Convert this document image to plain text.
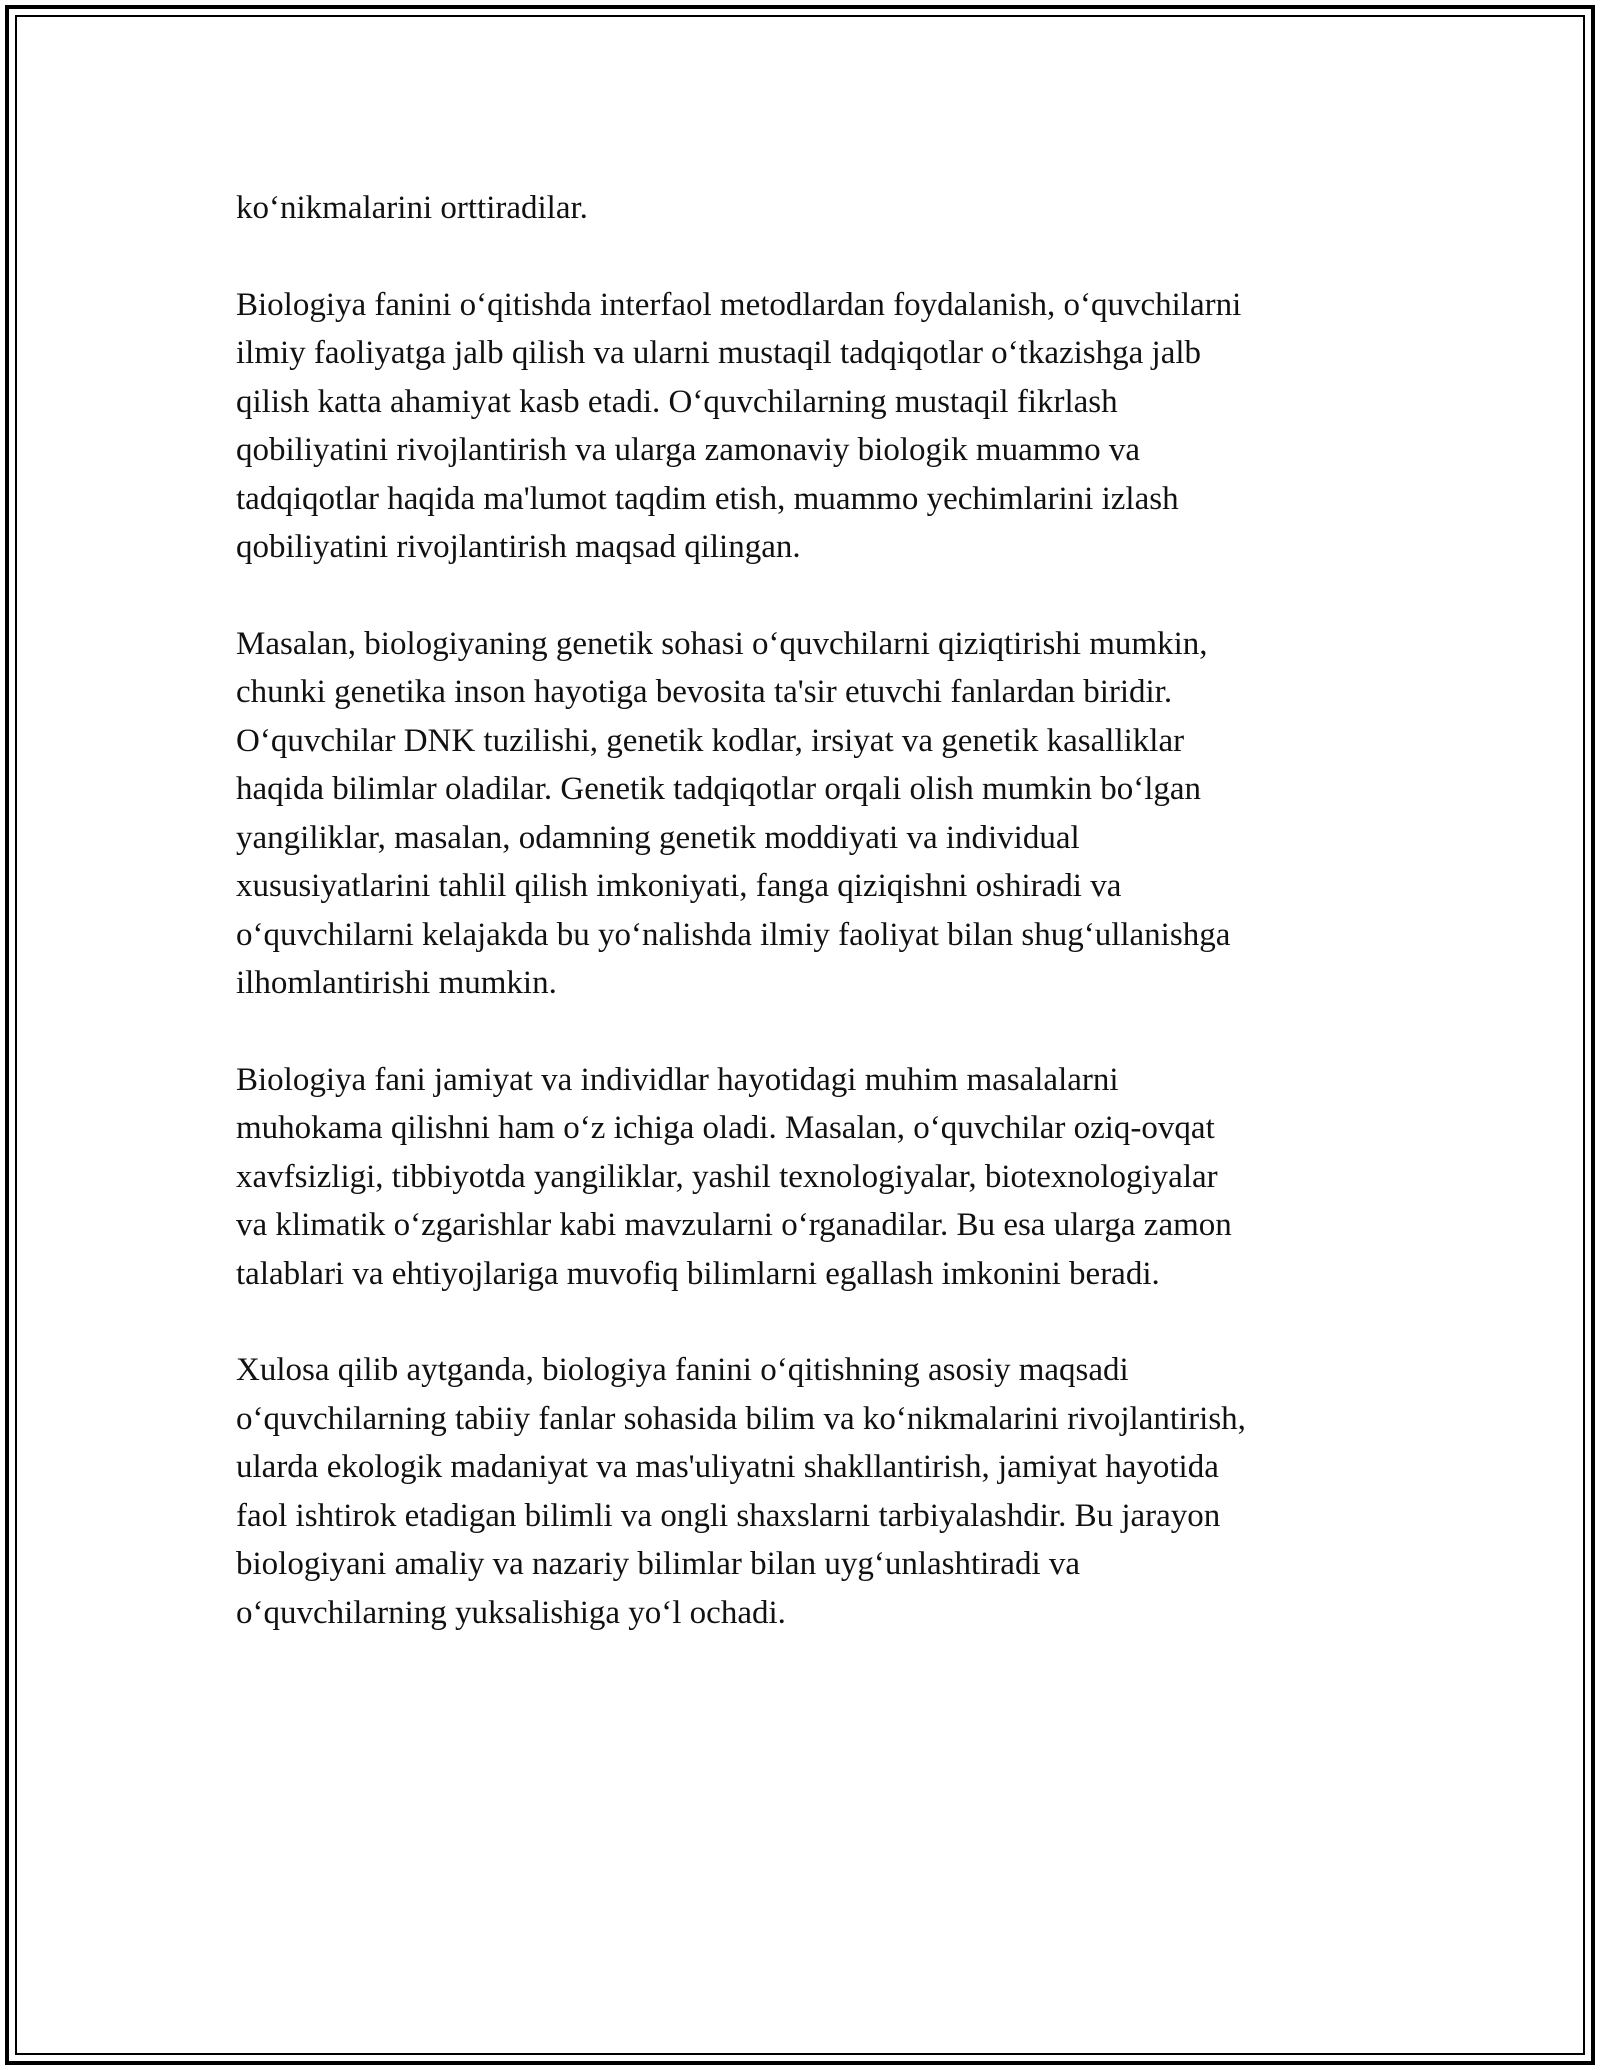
ko‘nikmalarini orttiradilar.

Biologiya fanini o‘qitishda interfaol metodlardan foydalanish, o‘quvchilarni
ilmiy faoliyatga jalb qilish va ularni mustaqil tadqiqotlar o‘tkazishga jalb
qilish katta ahamiyat kasb etadi. O‘quvchilarning mustaqil fikrlash
qobiliyatini rivojlantirish va ularga zamonaviy biologik muammo va
tadqiqotlar haqida ma'lumot taqdim etish, muammo yechimlarini izlash
qobiliyatini rivojlantirish maqsad qilingan.

Masalan, biologiyaning genetik sohasi o‘quvchilarni qiziqtirishi mumkin,
chunki genetika inson hayotiga bevosita ta'sir etuvchi fanlardan biridir.
O‘quvchilar DNK tuzilishi, genetik kodlar, irsiyat va genetik kasalliklar
haqida bilimlar oladilar. Genetik tadqiqotlar orqali olish mumkin bo‘lgan
yangiliklar, masalan, odamning genetik moddiyati va individual
xususiyatlarini tahlil qilish imkoniyati, fanga qiziqishni oshiradi va
o‘quvchilarni kelajakda bu yo‘nalishda ilmiy faoliyat bilan shug‘ullanishga
ilhomlantirishi mumkin.

Biologiya fani jamiyat va individlar hayotidagi muhim masalalarni
muhokama qilishni ham o‘z ichiga oladi. Masalan, o‘quvchilar oziq-ovqat
xavfsizligi, tibbiyotda yangiliklar, yashil texnologiyalar, biotexnologiyalar
va klimatik o‘zgarishlar kabi mavzularni o‘rganadilar. Bu esa ularga zamon
talablari va ehtiyojlariga muvofiq bilimlarni egallash imkonini beradi.

Xulosa qilib aytganda, biologiya fanini o‘qitishning asosiy maqsadi
o‘quvchilarning tabiiy fanlar sohasida bilim va ko‘nikmalarini rivojlantirish,
ularda ekologik madaniyat va mas'uliyatni shakllantirish, jamiyat hayotida
faol ishtirok etadigan bilimli va ongli shaxslarni tarbiyalashdir. Bu jarayon
biologiyani amaliy va nazariy bilimlar bilan uyg‘unlashtiradi va
o‘quvchilarning yuksalishiga yo‘l ochadi.
